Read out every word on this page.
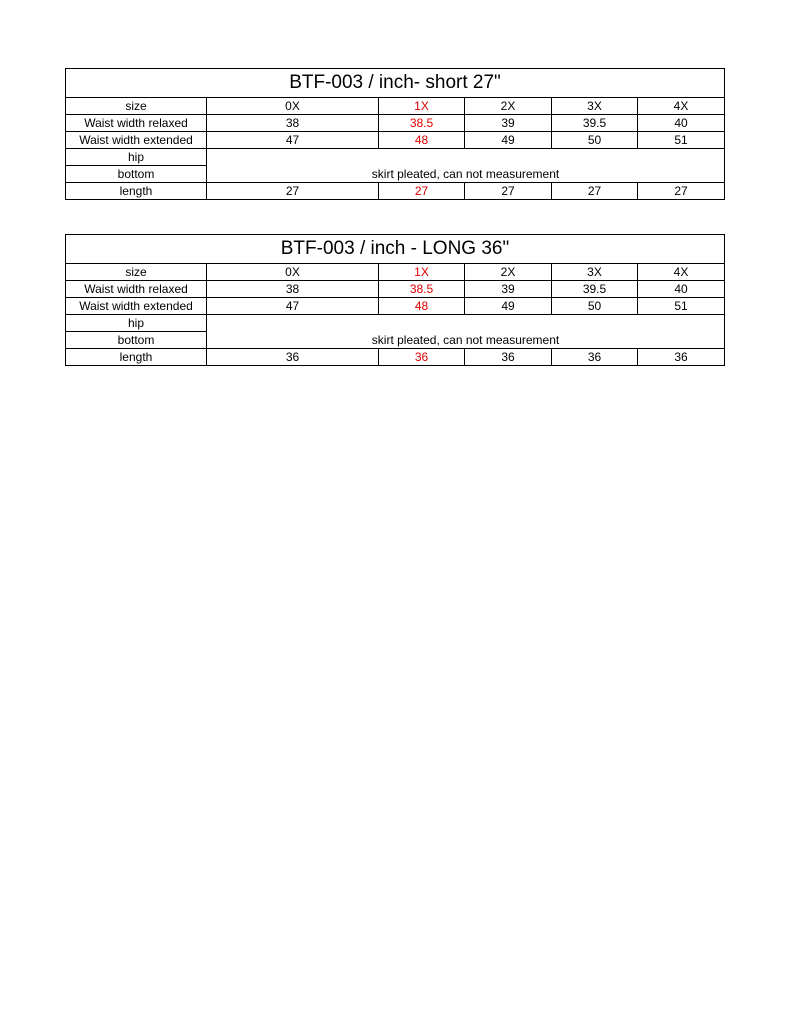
BTF-003 / inch- short 27"					
size	0X	1X	2X	3X	4X
Waist width relaxed	38	38.5	39	39.5	40
Waist width extended	47	48	49	50	51
hip	skirt pleated, can not measurement				
bottom					
length	27	27	27	27	27
BTF-003 / inch - LONG 36"					
size	0X	1X	2X	3X	4X
Waist width relaxed	38	38.5	39	39.5	40
Waist width extended	47	48	49	50	51
hip	skirt pleated, can not measurement				
bottom					
length	36	36	36	36	36
